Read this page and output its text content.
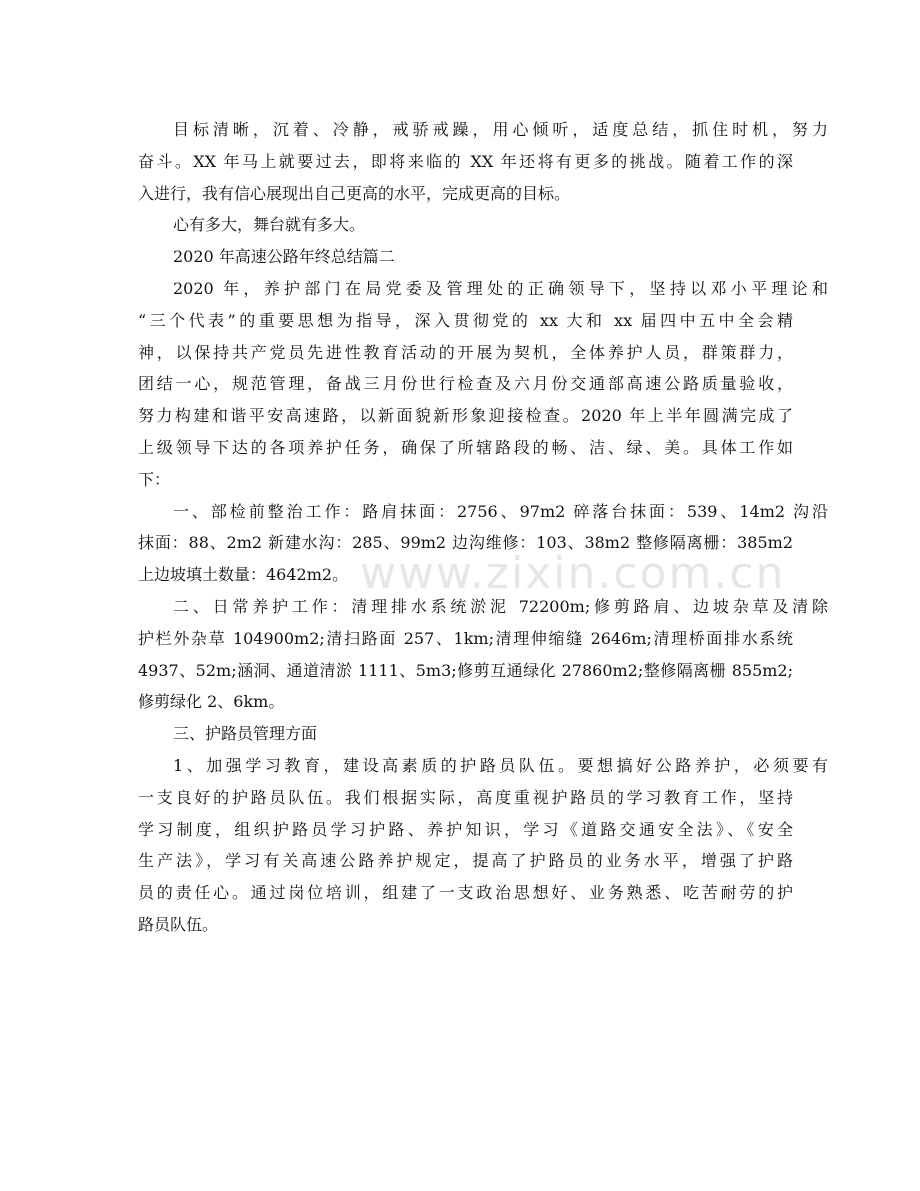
www.zixin.com.cn
目标清晰，沉着、冷静，戒骄戒躁，用心倾听，适度总结，抓住时机，努力
奋斗。XX 年马上就要过去，即将来临的 XX 年还将有更多的挑战。随着工作的深
入进行，我有信心展现出自己更高的水平，完成更高的目标。
心有多大，舞台就有多大。
2020 年高速公路年终总结篇二
2020 年，养护部门在局党委及管理处的正确领导下，坚持以邓小平理论和
“三个代表”的重要思想为指导，深入贯彻党的 xx 大和 xx 届四中五中全会精
神，以保持共产党员先进性教育活动的开展为契机，全体养护人员，群策群力，
团结一心，规范管理，备战三月份世行检查及六月份交通部高速公路质量验收，
努力构建和谐平安高速路，以新面貌新形象迎接检查。2020 年上半年圆满完成了
上级领导下达的各项养护任务，确保了所辖路段的畅、洁、绿、美。具体工作如
下：
一、部检前整治工作：路肩抹面：2756、97m2 碎落台抹面：539、14m2 沟沿
抹面：88、2m2 新建水沟：285、99m2 边沟维修：103、38m2 整修隔离栅：385m2
上边坡填土数量：4642m2。
二、日常养护工作：清理排水系统淤泥 72200m;修剪路肩、边坡杂草及清除
护栏外杂草 104900m2;清扫路面 257、1km;清理伸缩缝 2646m;清理桥面排水系统
4937、52m;涵洞、通道清淤 1111、5m3;修剪互通绿化 27860m2;整修隔离栅 855m2;
修剪绿化 2、6km。
三、护路员管理方面
1、加强学习教育，建设高素质的护路员队伍。要想搞好公路养护，必须要有
一支良好的护路员队伍。我们根据实际，高度重视护路员的学习教育工作，坚持
学习制度，组织护路员学习护路、养护知识，学习《道路交通安全法》、《安全
生产法》，学习有关高速公路养护规定，提高了护路员的业务水平，增强了护路
员的责任心。通过岗位培训，组建了一支政治思想好、业务熟悉、吃苦耐劳的护
路员队伍。
